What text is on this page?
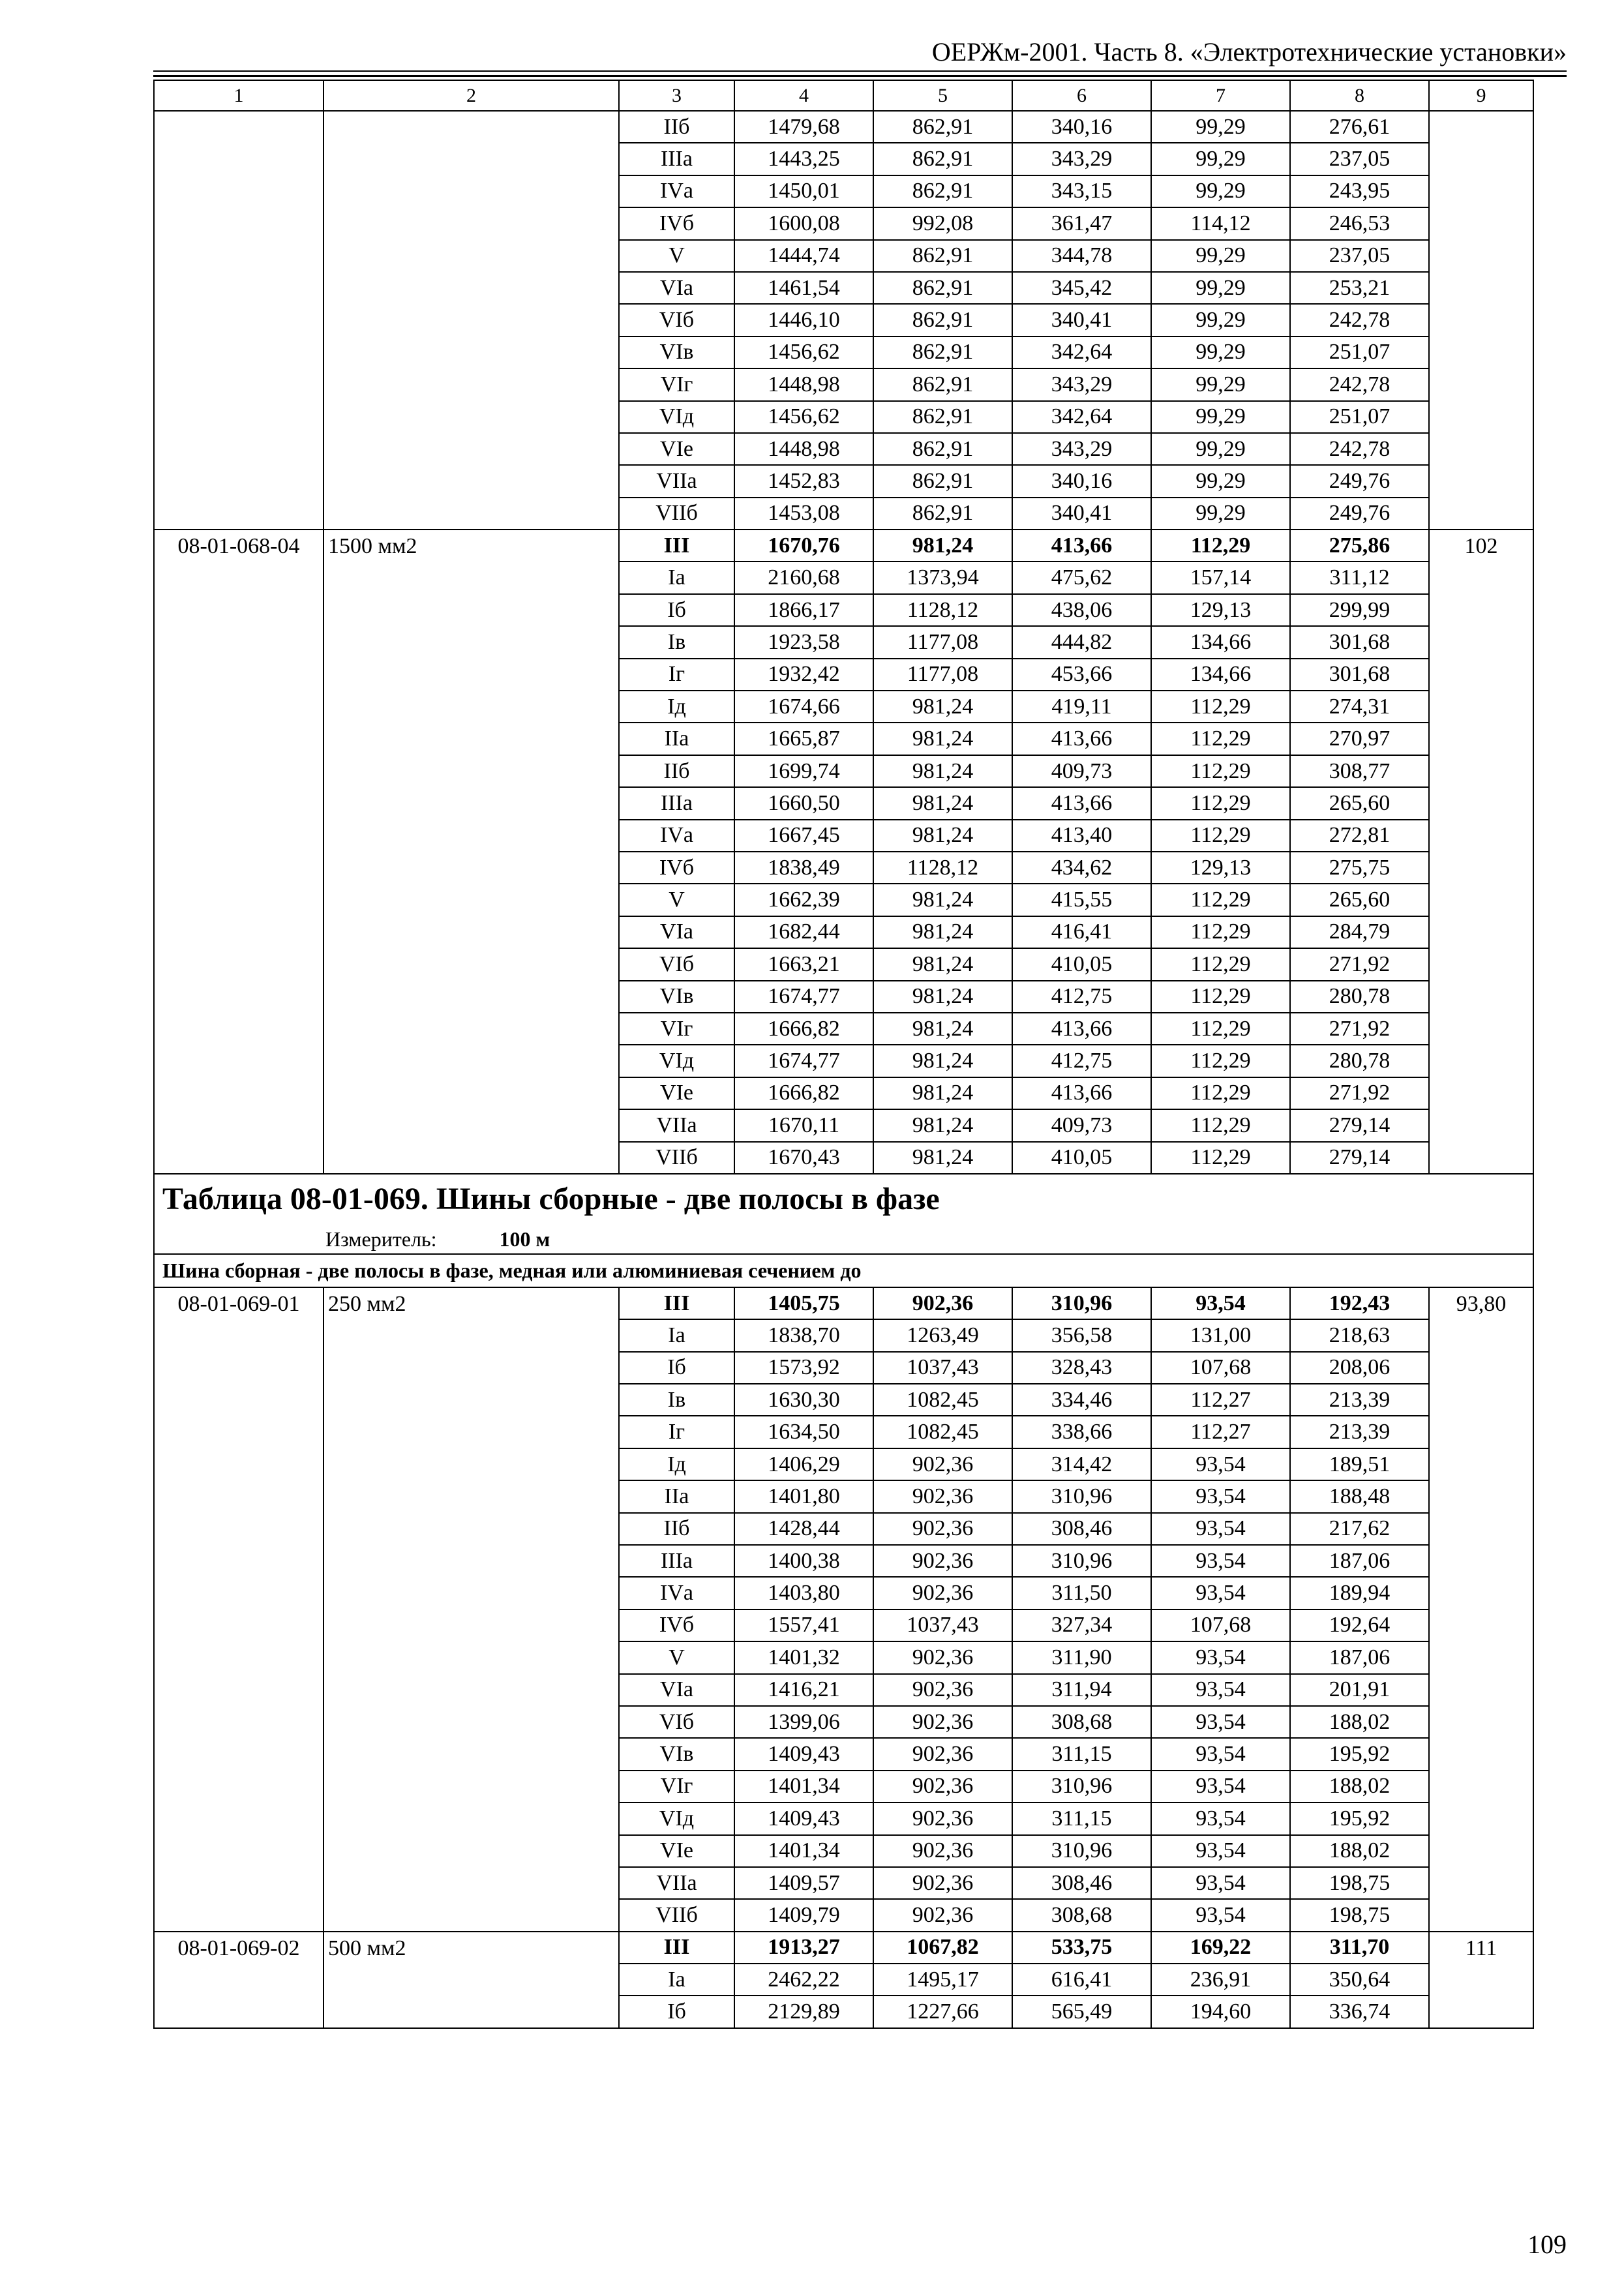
ОЕРЖм-2001. Часть 8. «Электротехнические установки»
1	2	3	4	5	6	7	8	9
		IIб	1479,68	862,91	340,16	99,29	276,61	
		IIIа	1443,25	862,91	343,29	99,29	237,05	
		IVа	1450,01	862,91	343,15	99,29	243,95	
		IVб	1600,08	992,08	361,47	114,12	246,53	
		V	1444,74	862,91	344,78	99,29	237,05	
		VIа	1461,54	862,91	345,42	99,29	253,21	
		VIб	1446,10	862,91	340,41	99,29	242,78	
		VIв	1456,62	862,91	342,64	99,29	251,07	
		VIг	1448,98	862,91	343,29	99,29	242,78	
		VIд	1456,62	862,91	342,64	99,29	251,07	
		VIе	1448,98	862,91	343,29	99,29	242,78	
		VIIа	1452,83	862,91	340,16	99,29	249,76	
		VIIб	1453,08	862,91	340,41	99,29	249,76	
08-01-068-04	1500 мм2	III	1670,76	981,24	413,66	112,29	275,86	102
		Iа	2160,68	1373,94	475,62	157,14	311,12	
		Iб	1866,17	1128,12	438,06	129,13	299,99	
		Iв	1923,58	1177,08	444,82	134,66	301,68	
		Iг	1932,42	1177,08	453,66	134,66	301,68	
		Iд	1674,66	981,24	419,11	112,29	274,31	
		IIа	1665,87	981,24	413,66	112,29	270,97	
		IIб	1699,74	981,24	409,73	112,29	308,77	
		IIIа	1660,50	981,24	413,66	112,29	265,60	
		IVа	1667,45	981,24	413,40	112,29	272,81	
		IVб	1838,49	1128,12	434,62	129,13	275,75	
		V	1662,39	981,24	415,55	112,29	265,60	
		VIа	1682,44	981,24	416,41	112,29	284,79	
		VIб	1663,21	981,24	410,05	112,29	271,92	
		VIв	1674,77	981,24	412,75	112,29	280,78	
		VIг	1666,82	981,24	413,66	112,29	271,92	
		VIд	1674,77	981,24	412,75	112,29	280,78	
		VIе	1666,82	981,24	413,66	112,29	271,92	
		VIIа	1670,11	981,24	409,73	112,29	279,14	
		VIIб	1670,43	981,24	410,05	112,29	279,14	
Таблица 08-01-069. Шины сборные - две полосы в фазе								
Измеритель: 100 м								
Шина сборная - две полосы в фазе, медная или алюминиевая сечением до								
08-01-069-01	250 мм2	III	1405,75	902,36	310,96	93,54	192,43	93,80
		Iа	1838,70	1263,49	356,58	131,00	218,63	
		Iб	1573,92	1037,43	328,43	107,68	208,06	
		Iв	1630,30	1082,45	334,46	112,27	213,39	
		Iг	1634,50	1082,45	338,66	112,27	213,39	
		Iд	1406,29	902,36	314,42	93,54	189,51	
		IIа	1401,80	902,36	310,96	93,54	188,48	
		IIб	1428,44	902,36	308,46	93,54	217,62	
		IIIа	1400,38	902,36	310,96	93,54	187,06	
		IVа	1403,80	902,36	311,50	93,54	189,94	
		IVб	1557,41	1037,43	327,34	107,68	192,64	
		V	1401,32	902,36	311,90	93,54	187,06	
		VIа	1416,21	902,36	311,94	93,54	201,91	
		VIб	1399,06	902,36	308,68	93,54	188,02	
		VIв	1409,43	902,36	311,15	93,54	195,92	
		VIг	1401,34	902,36	310,96	93,54	188,02	
		VIд	1409,43	902,36	311,15	93,54	195,92	
		VIе	1401,34	902,36	310,96	93,54	188,02	
		VIIа	1409,57	902,36	308,46	93,54	198,75	
		VIIб	1409,79	902,36	308,68	93,54	198,75	
08-01-069-02	500 мм2	III	1913,27	1067,82	533,75	169,22	311,70	111
		Iа	2462,22	1495,17	616,41	236,91	350,64	
		Iб	2129,89	1227,66	565,49	194,60	336,74	
109
